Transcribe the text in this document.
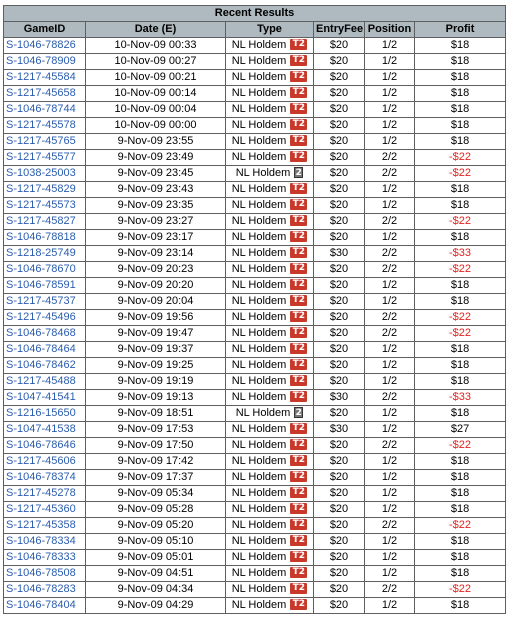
Recent Results					
GameID	Date (E)	Type	EntryFee	Position	Profit
S-1046-78826	10-Nov-09 00:33	NL Holdem T2	$20	1/2	$18
S-1046-78909	10-Nov-09 00:27	NL Holdem T2	$20	1/2	$18
S-1217-45584	10-Nov-09 00:21	NL Holdem T2	$20	1/2	$18
S-1217-45658	10-Nov-09 00:14	NL Holdem T2	$20	1/2	$18
S-1046-78744	10-Nov-09 00:04	NL Holdem T2	$20	1/2	$18
S-1217-45578	10-Nov-09 00:00	NL Holdem T2	$20	1/2	$18
S-1217-45765	9-Nov-09 23:55	NL Holdem T2	$20	1/2	$18
S-1217-45577	9-Nov-09 23:49	NL Holdem T2	$20	2/2	-$22
S-1038-25003	9-Nov-09 23:45	NL Holdem 2	$20	2/2	-$22
S-1217-45829	9-Nov-09 23:43	NL Holdem T2	$20	1/2	$18
S-1217-45573	9-Nov-09 23:35	NL Holdem T2	$20	1/2	$18
S-1217-45827	9-Nov-09 23:27	NL Holdem T2	$20	2/2	-$22
S-1046-78818	9-Nov-09 23:17	NL Holdem T2	$20	1/2	$18
S-1218-25749	9-Nov-09 23:14	NL Holdem T2	$30	2/2	-$33
S-1046-78670	9-Nov-09 20:23	NL Holdem T2	$20	2/2	-$22
S-1046-78591	9-Nov-09 20:20	NL Holdem T2	$20	1/2	$18
S-1217-45737	9-Nov-09 20:04	NL Holdem T2	$20	1/2	$18
S-1217-45496	9-Nov-09 19:56	NL Holdem T2	$20	2/2	-$22
S-1046-78468	9-Nov-09 19:47	NL Holdem T2	$20	2/2	-$22
S-1046-78464	9-Nov-09 19:37	NL Holdem T2	$20	1/2	$18
S-1046-78462	9-Nov-09 19:25	NL Holdem T2	$20	1/2	$18
S-1217-45488	9-Nov-09 19:19	NL Holdem T2	$20	1/2	$18
S-1047-41541	9-Nov-09 19:13	NL Holdem T2	$30	2/2	-$33
S-1216-15650	9-Nov-09 18:51	NL Holdem 2	$20	1/2	$18
S-1047-41538	9-Nov-09 17:53	NL Holdem T2	$30	1/2	$27
S-1046-78646	9-Nov-09 17:50	NL Holdem T2	$20	2/2	-$22
S-1217-45606	9-Nov-09 17:42	NL Holdem T2	$20	1/2	$18
S-1046-78374	9-Nov-09 17:37	NL Holdem T2	$20	1/2	$18
S-1217-45278	9-Nov-09 05:34	NL Holdem T2	$20	1/2	$18
S-1217-45360	9-Nov-09 05:28	NL Holdem T2	$20	1/2	$18
S-1217-45358	9-Nov-09 05:20	NL Holdem T2	$20	2/2	-$22
S-1046-78334	9-Nov-09 05:10	NL Holdem T2	$20	1/2	$18
S-1046-78333	9-Nov-09 05:01	NL Holdem T2	$20	1/2	$18
S-1046-78508	9-Nov-09 04:51	NL Holdem T2	$20	1/2	$18
S-1046-78283	9-Nov-09 04:34	NL Holdem T2	$20	2/2	-$22
S-1046-78404	9-Nov-09 04:29	NL Holdem T2	$20	1/2	$18
